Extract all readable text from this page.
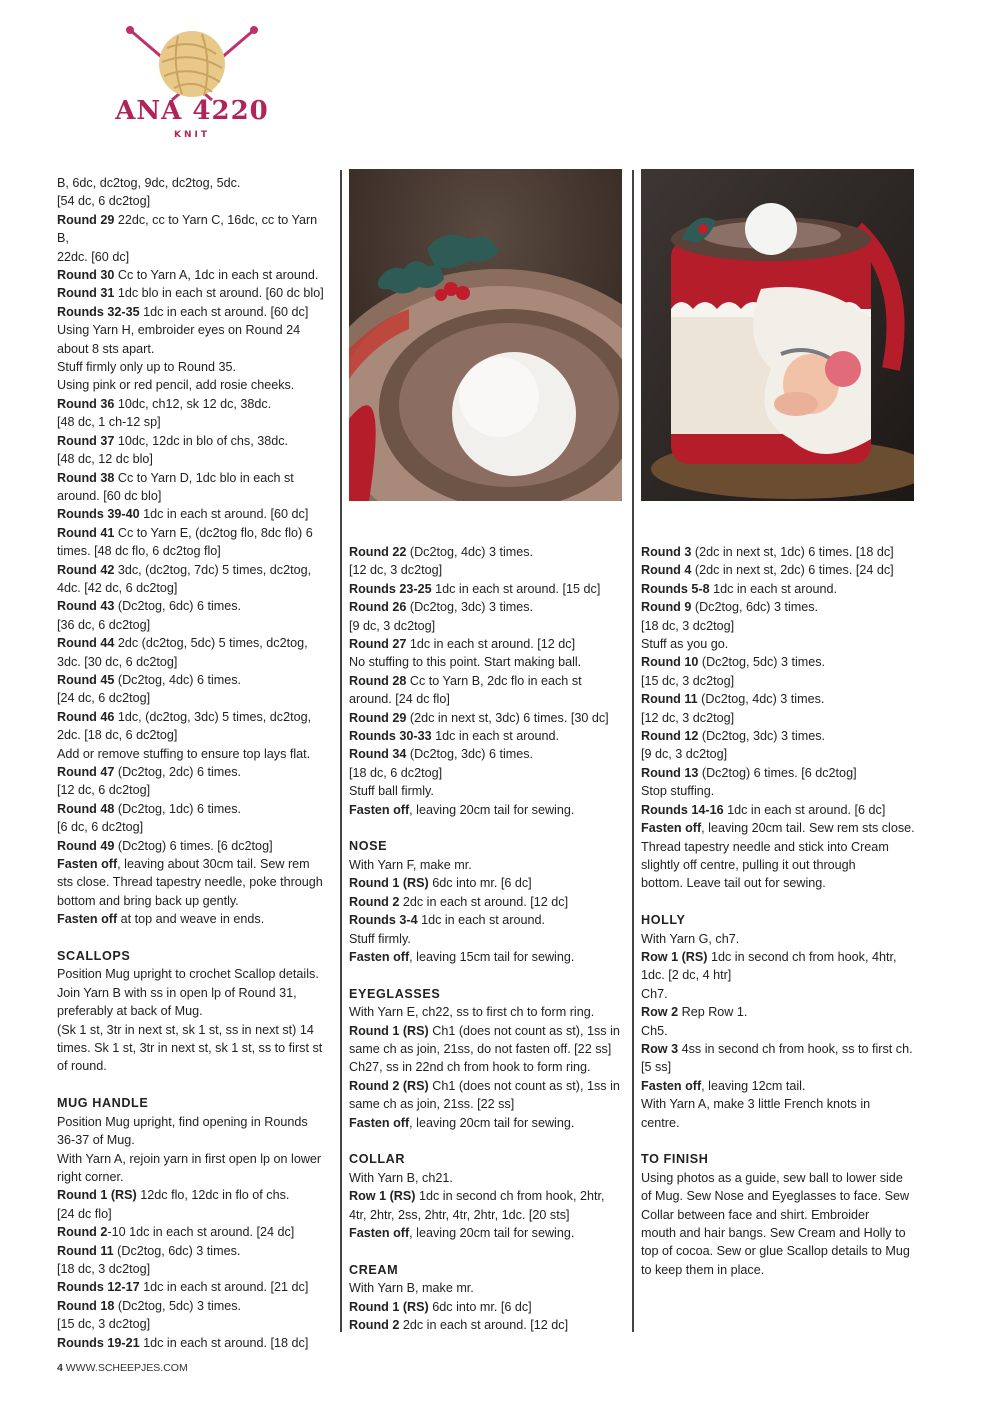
ANA 4220
KNIT

B, 6dc, dc2tog, 9dc, dc2tog, 5dc.

[54 dc, 6 dc2tog]

Round 29 22dc, cc to Yarn C, 16dc, cc to Yarn B,

22dc. [60 dc]

Round 30 Cc to Yarn A, 1dc in each st around.

Round 31 1dc blo in each st around. [60 dc blo]

Rounds 32-35 1dc in each st around. [60 dc]

Using Yarn H, embroider eyes on Round 24

about 8 sts apart.

Stuff firmly only up to Round 35.

Using pink or red pencil, add rosie cheeks.

Round 36 10dc, ch12, sk 12 dc, 38dc.

[48 dc, 1 ch-12 sp]

Round 37 10dc, 12dc in blo of chs, 38dc.

[48 dc, 12 dc blo]

Round 38 Cc to Yarn D, 1dc blo in each st

around. [60 dc blo]

Rounds 39-40 1dc in each st around. [60 dc]

Round 41 Cc to Yarn E, (dc2tog flo, 8dc flo) 6

times. [48 dc flo, 6 dc2tog flo]

Round 42 3dc, (dc2tog, 7dc) 5 times, dc2tog,

4dc. [42 dc, 6 dc2tog]

Round 43 (Dc2tog, 6dc) 6 times.

[36 dc, 6 dc2tog]

Round 44 2dc (dc2tog, 5dc) 5 times, dc2tog,

3dc. [30 dc, 6 dc2tog]

Round 45 (Dc2tog, 4dc) 6 times.

[24 dc, 6 dc2tog]

Round 46 1dc, (dc2tog, 3dc) 5 times, dc2tog,

2dc. [18 dc, 6 dc2tog]

Add or remove stuffing to ensure top lays flat.

Round 47 (Dc2tog, 2dc) 6 times.

[12 dc, 6 dc2tog]

Round 48 (Dc2tog, 1dc) 6 times.

[6 dc, 6 dc2tog]

Round 49 (Dc2tog) 6 times. [6 dc2tog]

Fasten off, leaving about 30cm tail. Sew rem

sts close. Thread tapestry needle, poke through

bottom and bring back up gently.

Fasten off at top and weave in ends.

SCALLOPS

Position Mug upright to crochet Scallop details.

Join Yarn B with ss in open lp of Round 31,

preferably at back of Mug.

(Sk 1 st, 3tr in next st, sk 1 st, ss in next st) 14

times. Sk 1 st, 3tr in next st, sk 1 st, ss to first st

of round.

MUG HANDLE

Position Mug upright, find opening in Rounds

36-37 of Mug.

With Yarn A, rejoin yarn in first open lp on lower

right corner.

Round 1 (RS) 12dc flo, 12dc in flo of chs.

[24 dc flo]

Round 2-10 1dc in each st around. [24 dc]

Round 11 (Dc2tog, 6dc) 3 times.

[18 dc, 3 dc2tog]

Rounds 12-17 1dc in each st around. [21 dc]

Round 18 (Dc2tog, 5dc) 3 times.

[15 dc, 3 dc2tog]

Rounds 19-21 1dc in each st around. [18 dc]

Round 22 (Dc2tog, 4dc) 3 times.

[12 dc, 3 dc2tog]

Rounds 23-25 1dc in each st around. [15 dc]

Round 26 (Dc2tog, 3dc) 3 times.

[9 dc, 3 dc2tog]

Round 27 1dc in each st around. [12 dc]

No stuffing to this point. Start making ball.

Round 28 Cc to Yarn B, 2dc flo in each st

around. [24 dc flo]

Round 29 (2dc in next st, 3dc) 6 times. [30 dc]

Rounds 30-33 1dc in each st around.

Round 34 (Dc2tog, 3dc) 6 times.

[18 dc, 6 dc2tog]

Stuff ball firmly.

Fasten off, leaving 20cm tail for sewing.

NOSE

With Yarn F, make mr.

Round 1 (RS) 6dc into mr. [6 dc]

Round 2 2dc in each st around. [12 dc]

Rounds 3-4 1dc in each st around.

Stuff firmly.

Fasten off, leaving 15cm tail for sewing.

EYEGLASSES

With Yarn E, ch22, ss to first ch to form ring.

Round 1 (RS) Ch1 (does not count as st), 1ss in

same ch as join, 21ss, do not fasten off. [22 ss]

Ch27, ss in 22nd ch from hook to form ring.

Round 2 (RS) Ch1 (does not count as st), 1ss in

same ch as join, 21ss. [22 ss]

Fasten off, leaving 20cm tail for sewing.

COLLAR

With Yarn B, ch21.

Row 1 (RS) 1dc in second ch from hook, 2htr,

4tr, 2htr, 2ss, 2htr, 4tr, 2htr, 1dc. [20 sts]

Fasten off, leaving 20cm tail for sewing.

CREAM

With Yarn B, make mr.

Round 1 (RS) 6dc into mr. [6 dc]

Round 2 2dc in each st around. [12 dc]

Round 3 (2dc in next st, 1dc) 6 times. [18 dc]

Round 4 (2dc in next st, 2dc) 6 times. [24 dc]

Rounds 5-8 1dc in each st around.

Round 9 (Dc2tog, 6dc) 3 times.

[18 dc, 3 dc2tog]

Stuff as you go.

Round 10 (Dc2tog, 5dc) 3 times.

[15 dc, 3 dc2tog]

Round 11 (Dc2tog, 4dc) 3 times.

[12 dc, 3 dc2tog]

Round 12 (Dc2tog, 3dc) 3 times.

[9 dc, 3 dc2tog]

Round 13 (Dc2tog) 6 times. [6 dc2tog]

Stop stuffing.

Rounds 14-16 1dc in each st around. [6 dc]

Fasten off, leaving 20cm tail. Sew rem sts close.

Thread tapestry needle and stick into Cream

slightly off centre, pulling it out through

bottom. Leave tail out for sewing.

HOLLY

With Yarn G, ch7.

Row 1 (RS) 1dc in second ch from hook, 4htr,

1dc. [2 dc, 4 htr]

Ch7.

Row 2 Rep Row 1.

Ch5.

Row 3 4ss in second ch from hook, ss to first ch.

[5 ss]

Fasten off, leaving 12cm tail.

With Yarn A, make 3 little French knots in

centre.

TO FINISH

Using photos as a guide, sew ball to lower side

of Mug. Sew Nose and Eyeglasses to face. Sew

Collar between face and shirt. Embroider

mouth and hair bangs. Sew Cream and Holly to

top of cocoa. Sew or glue Scallop details to Mug

to keep them in place.

4 WWW.SCHEEPJES.COM
